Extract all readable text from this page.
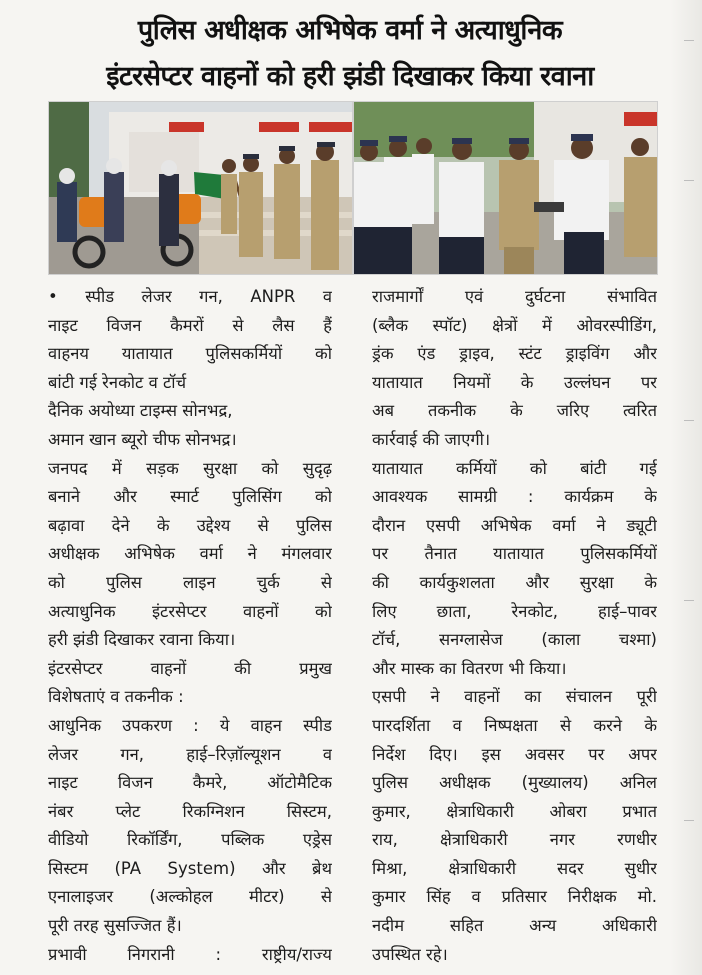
पुलिस अधीक्षक अभिषेक वर्मा ने अत्याधुनिक
इंटरसेप्टर वाहनों को हरी झंडी दिखाकर किया रवाना
• स्पीड लेजर गन, ANPR व
नाइट विजन कैमरों से लैस हैं
वाहनय यातायात पुलिसकर्मियों को
बांटी गई रेनकोट व टॉर्च
दैनिक अयोध्या टाइम्स सोनभद्र,
अमान खान ब्यूरो चीफ सोनभद्र।
जनपद में सड़क सुरक्षा को सुदृढ़
बनाने और स्मार्ट पुलिसिंग को
बढ़ावा देने के उद्देश्य से पुलिस
अधीक्षक अभिषेक वर्मा ने मंगलवार
को पुलिस लाइन चुर्क से
अत्याधुनिक इंटरसेप्टर वाहनों को
हरी झंडी दिखाकर रवाना किया।
इंटरसेप्टर वाहनों की प्रमुख
विशेषताएं व तकनीक :
आधुनिक उपकरण : ये वाहन स्पीड
लेजर गन, हाई–रिज़ॉल्यूशन व
नाइट विजन कैमरे, ऑटोमैटिक
नंबर प्लेट रिकग्निशन सिस्टम,
वीडियो रिकॉर्डिंग, पब्लिक एड्रेस
सिस्टम (PA System) और ब्रेथ
एनालाइजर (अल्कोहल मीटर) से
पूरी तरह सुसज्जित हैं।
प्रभावी निगरानी : राष्ट्रीय/राज्य
राजमार्गों एवं दुर्घटना संभावित
(ब्लैक स्पॉट) क्षेत्रों में ओवरस्पीडिंग,
ड्रंक एंड ड्राइव, स्टंट ड्राइविंग और
यातायात नियमों के उल्लंघन पर
अब तकनीक के जरिए त्वरित
कार्रवाई की जाएगी।
यातायात कर्मियों को बांटी गई
आवश्यक सामग्री : कार्यक्रम के
दौरान एसपी अभिषेक वर्मा ने ड्यूटी
पर तैनात यातायात पुलिसकर्मियों
की कार्यकुशलता और सुरक्षा के
लिए छाता, रेनकोट, हाई–पावर
टॉर्च, सनग्लासेज (काला चश्मा)
और मास्क का वितरण भी किया।
एसपी ने वाहनों का संचालन पूरी
पारदर्शिता व निष्पक्षता से करने के
निर्देश दिए। इस अवसर पर अपर
पुलिस अधीक्षक (मुख्यालय) अनिल
कुमार, क्षेत्राधिकारी ओबरा प्रभात
राय, क्षेत्राधिकारी नगर रणधीर
मिश्रा, क्षेत्राधिकारी सदर सुधीर
कुमार सिंह व प्रतिसार निरीक्षक मो.
नदीम सहित अन्य अधिकारी
उपस्थित रहे।
